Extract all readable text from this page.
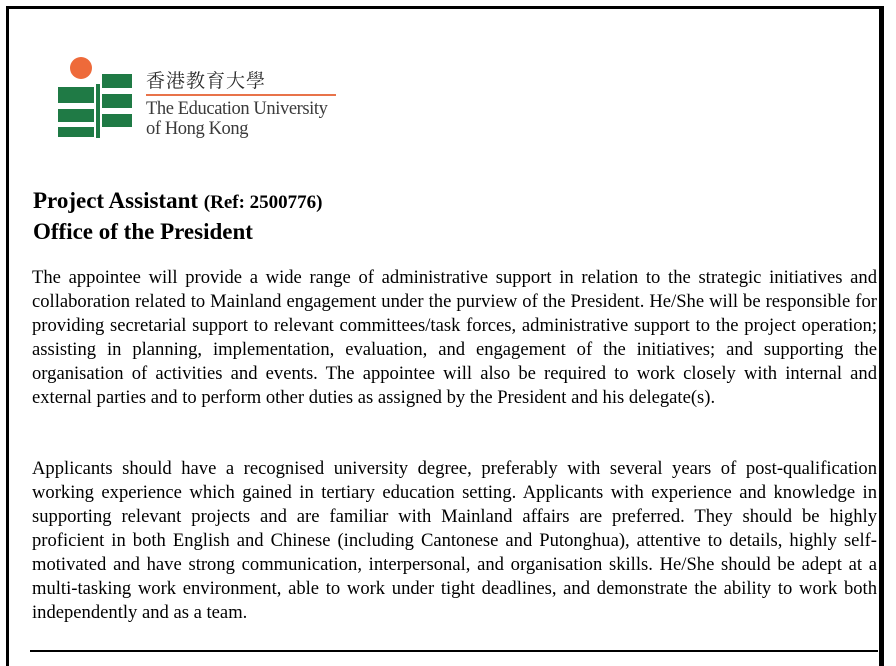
香港教育大學
The Education University
of Hong Kong
Project Assistant (Ref: 2500776)
Office of the President

The appointee will provide a wide range of administrative support in relation to the strategic initiatives and collaboration related to Mainland engagement under the purview of the President. He/She will be responsible for providing secretarial support to relevant committees/task forces, administrative support to the project operation; assisting in planning, implementation, evaluation, and engagement of the initiatives; and supporting the organisation of activities and events. The appointee will also be required to work closely with internal and external parties and to perform other duties as assigned by the President and his delegate(s).

Applicants should have a recognised university degree, preferably with several years of post-qualification working experience which gained in tertiary education setting. Applicants with experience and knowledge in supporting relevant projects and are familiar with Mainland affairs are preferred. They should be highly proficient in both English and Chinese (including Cantonese and Putonghua), attentive to details, highly self-motivated and have strong communication, interpersonal, and organisation skills. He/She should be adept at a multi-tasking work environment, able to work under tight deadlines, and demonstrate the ability to work both independently and as a team.
